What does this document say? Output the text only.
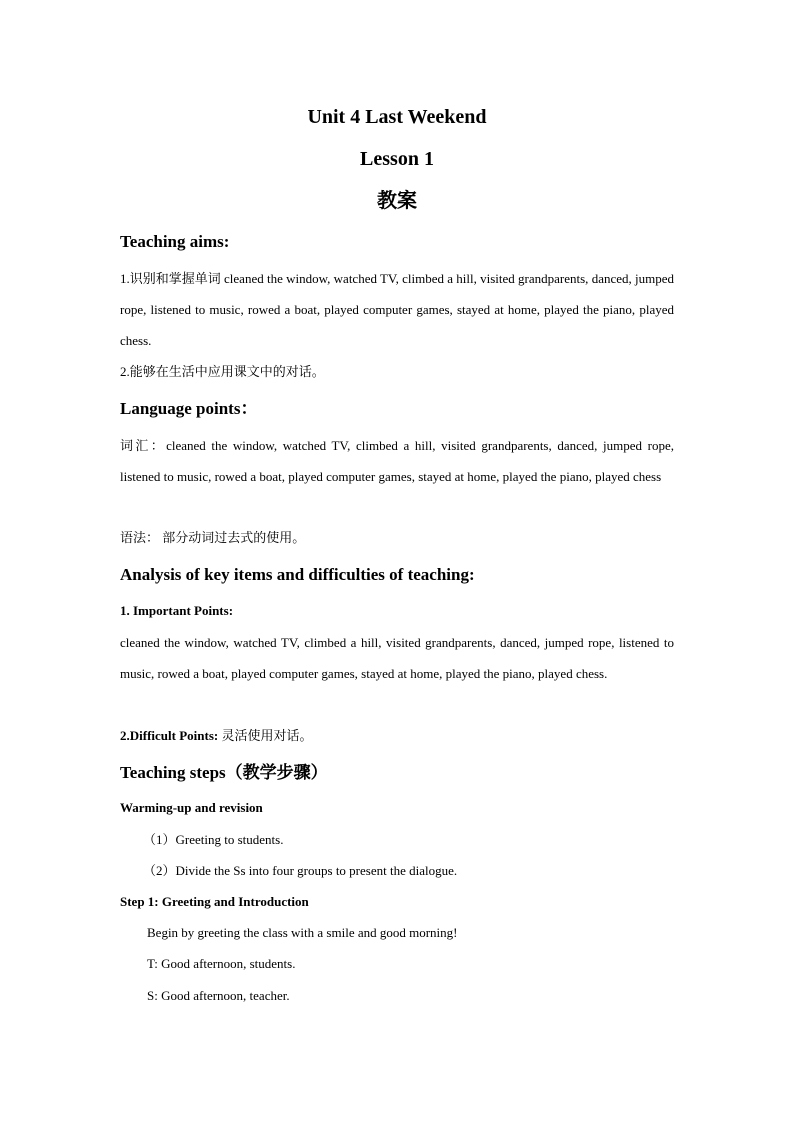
Unit 4 Last Weekend
Lesson 1
教案
Teaching aims:
1.识别和掌握单词 cleaned the window, watched TV, climbed a hill, visited grandparents, danced, jumped rope, listened to music, rowed a boat, played computer games, stayed at home, played the piano, played chess.
2.能够在生活中应用课文中的对话。
Language points：
词汇：cleaned the window, watched TV, climbed a hill, visited grandparents, danced, jumped rope, listened to music, rowed a boat, played computer games, stayed at home, played the piano, played chess
语法： 部分动词过去式的使用。
Analysis of key items and difficulties of teaching:
1. Important Points:
cleaned the window, watched TV, climbed a hill, visited grandparents, danced, jumped rope, listened to music, rowed a boat, played computer games, stayed at home, played the piano, played chess.
2.Difficult Points: 灵活使用对话。
Teaching steps（教学步骤）
Warming-up and revision
（1）Greeting to students.
（2）Divide the Ss into four groups to present the dialogue.
Step 1: Greeting and Introduction
Begin by greeting the class with a smile and good morning!
T: Good afternoon, students.
S: Good afternoon, teacher.
